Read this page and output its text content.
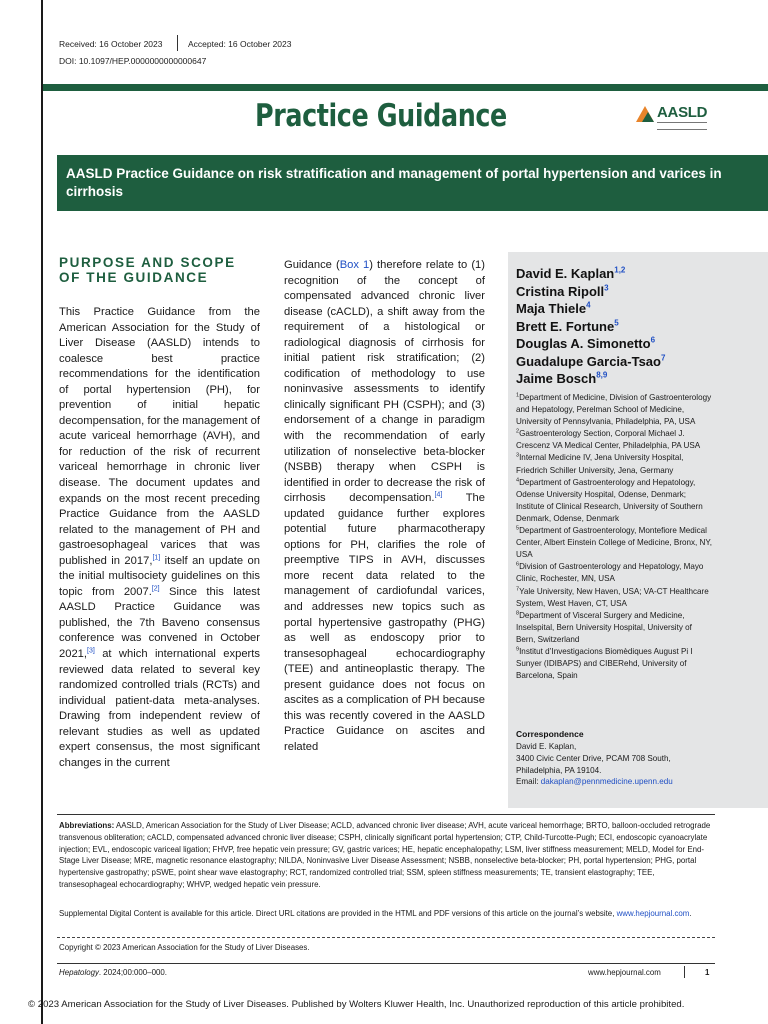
Received: 16 October 2023	Accepted: 16 October 2023
DOI: 10.1097/HEP.0000000000000647
Practice Guidance	AASLD
AASLD Practice Guidance on risk stratification and management of portal hypertension and varices in cirrhosis
PURPOSE AND SCOPE OF THE GUIDANCE

This Practice Guidance from the American Association for the Study of Liver Disease (AASLD) intends to coalesce best practice recommendations for the identification of portal hypertension (PH), for prevention of initial hepatic decompensation, for the management of acute variceal hemorrhage (AVH), and for reduction of the risk of recurrent variceal hemorrhage in chronic liver disease. The document updates and expands on the most recent preceding Practice Guidance from the AASLD related to the management of PH and gastroesophageal varices that was published in 2017,[1] itself an update on the initial multisociety guidelines on this topic from 2007.[2] Since this latest AASLD Practice Guidance was published, the 7th Baveno consensus conference was convened in October 2021,[3] at which international experts reviewed data related to several key randomized controlled trials (RCTs) and individual patient-data meta-analyses. Drawing from independent review of relevant studies as well as updated expert consensus, the most significant changes in the current

Guidance (Box 1) therefore relate to (1) recognition of the concept of compensated advanced chronic liver disease (cACLD), a shift away from the requirement of a histological or radiological diagnosis of cirrhosis for initial patient risk stratification; (2) codification of methodology to use noninvasive assessments to identify clinically significant PH (CSPH); and (3) endorsement of a change in paradigm with the recommendation of early utilization of nonselective beta-blocker (NSBB) therapy when CSPH is identified in order to decrease the risk of cirrhosis decompensation.[4] The updated guidance further explores potential future pharmacotherapy options for PH, clarifies the role of preemptive TIPS in AVH, discusses more recent data related to the management of cardiofundal varices, and addresses new topics such as portal hypertensive gastropathy (PHG) as well as endoscopy prior to transesophageal echocardiography (TEE) and antineoplastic therapy. The present guidance does not focus on ascites as a complication of PH because this was recently covered in the AASLD Practice Guidance on ascites and related

David E. Kaplan$^{1,2}$
Cristina Ripoll$^3$
Maja Thiele$^4$
Brett E. Fortune$^5$
Douglas A. Simonetto$^6$
Guadalupe Garcia-Tsao$^7$
Jaime Bosch$^{8,9}$
$^1$Department of Medicine, Division of Gastroenterology and Hepatology, Perelman School of Medicine, University of Pennsylvania, Philadelphia, PA, USA
$^2$Gastroenterology Section, Corporal Michael J. Crescenz VA Medical Center, Philadelphia, PA USA
$^3$Internal Medicine IV, Jena University Hospital, Friedrich Schiller University, Jena, Germany
$^4$Department of Gastroenterology and Hepatology, Odense University Hospital, Odense, Denmark; Institute of Clinical Research, University of Southern Denmark, Odense, Denmark
$^5$Department of Gastroenterology, Montefiore Medical Center, Albert Einstein College of Medicine, Bronx, NY, USA
$^6$Division of Gastroenterology and Hepatology, Mayo Clinic, Rochester, MN, USA
$^7$Yale University, New Haven, USA; VA-CT Healthcare System, West Haven, CT, USA
$^8$Department of Visceral Surgery and Medicine, Inselspital, Bern University Hospital, University of Bern, Switzerland
$^9$Institut d’Investigacions Biomèdiques August Pi I Sunyer (IDIBAPS) and CIBERehd, University of Barcelona, Spain
Correspondence
David E. Kaplan,
3400 Civic Center Drive, PCAM 708 South,
Philadelphia, PA 19104.
Email: dakaplan@pennmedicine.upenn.edu
Abbreviations: AASLD, American Association for the Study of Liver Disease; ACLD, advanced chronic liver disease; AVH, acute variceal hemorrhage; BRTO, balloon-occluded retrograde transvenous obliteration; cACLD, compensated advanced chronic liver disease; CSPH, clinically significant portal hypertension; CTP, Child-Turcotte-Pugh; ECI, endoscopic cyanoacrylate injection; EVL, endoscopic variceal ligation; FHVP, free hepatic vein pressure; GV, gastric varices; HE, hepatic encephalopathy; LSM, liver stiffness measurement; MELD, Model for End-Stage Liver Disease; MRE, magnetic resonance elastography; NILDA, Noninvasive Liver Disease Assessment; NSBB, nonselective beta-blocker; PH, portal hypertension; PHG, portal hypertensive gastropathy; pSWE, point shear wave elastography; RCT, randomized controlled trial; SSM, spleen stiffness measurements; TE, transient elastography; TEE, transesophageal echocardiography; WHVP, wedged hepatic vein pressure.
Supplemental Digital Content is available for this article. Direct URL citations are provided in the HTML and PDF versions of this article on the journal’s website, www.hepjournal.com.
Copyright © 2023 American Association for the Study of Liver Diseases.
Hepatology. 2024;00:000–000.	www.hepjournal.com	1
© 2023 American Association for the Study of Liver Diseases. Published by Wolters Kluwer Health, Inc. Unauthorized reproduction of this article prohibited.
